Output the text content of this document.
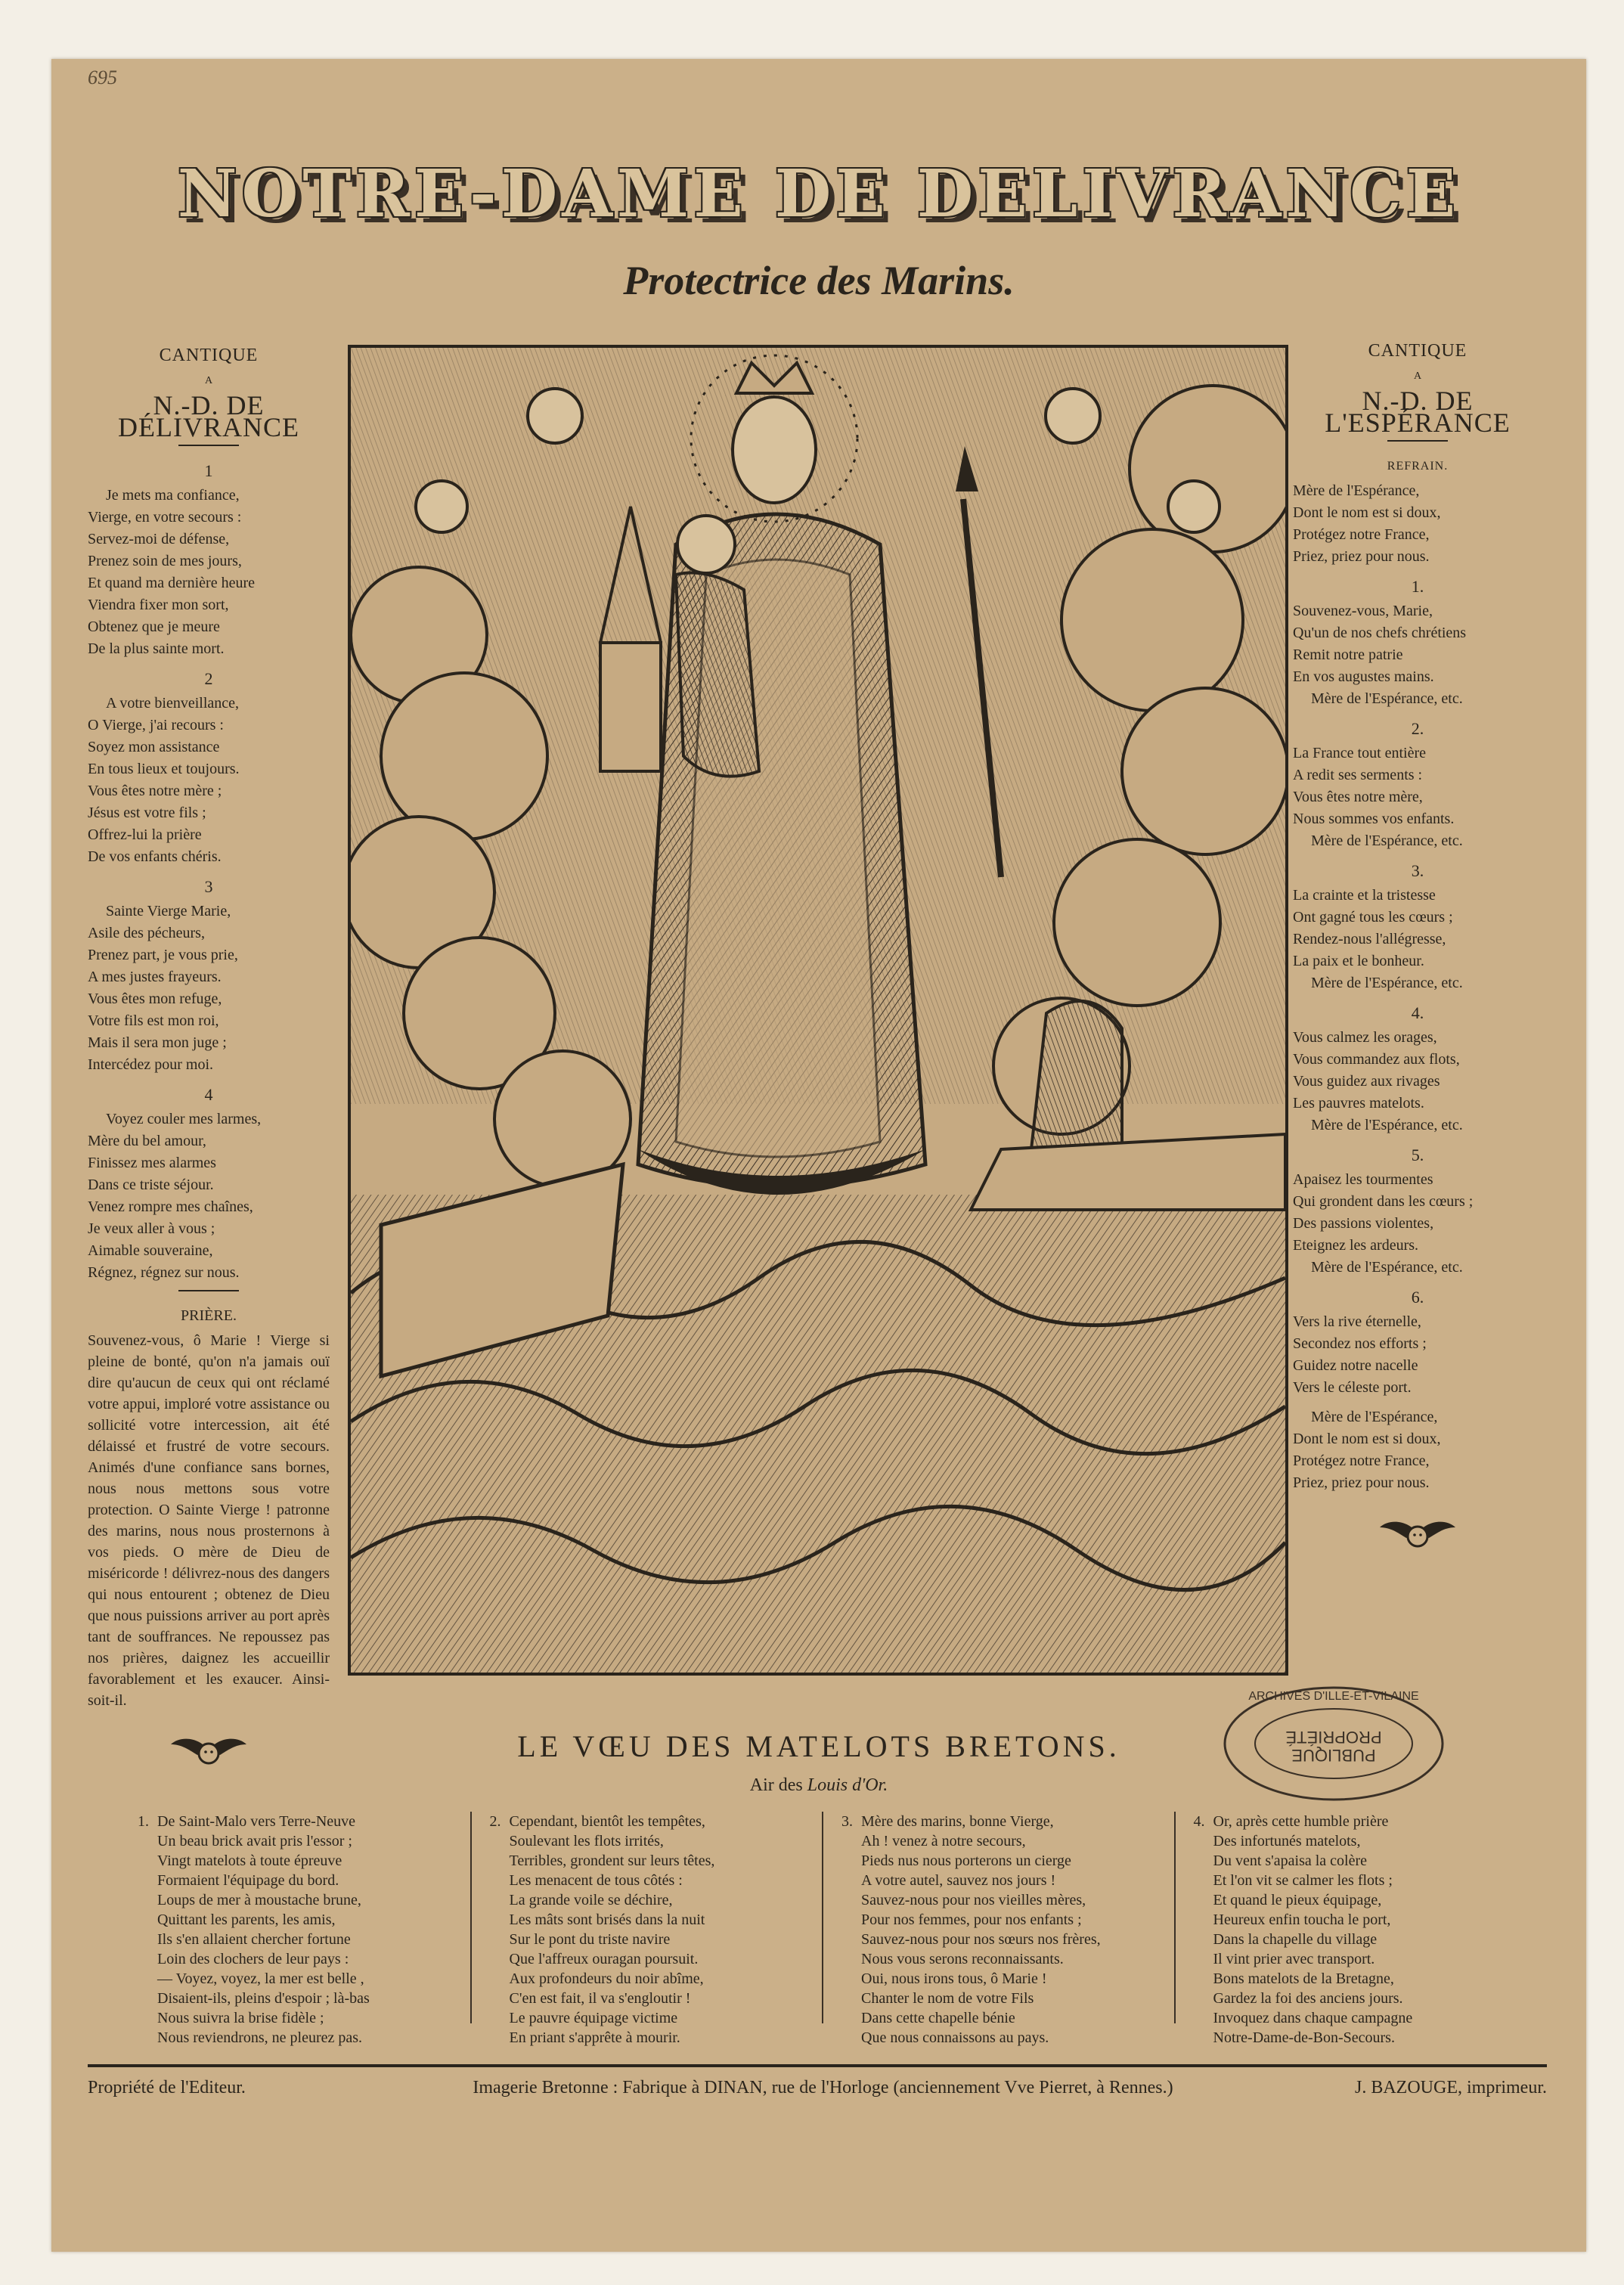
695
NOTRE-DAME DE DELIVRANCE
Protectrice des Marins.
CANTIQUE
A
N.-D. DE DÉLIVRANCE
1

Je mets ma confiance,

Vierge, en votre secours :

Servez-moi de défense,

Prenez soin de mes jours,

Et quand ma dernière heure

Viendra fixer mon sort,

Obtenez que je meure

De la plus sainte mort.

2

A votre bienveillance,

O Vierge, j'ai recours :

Soyez mon assistance

En tous lieux et toujours.

Vous êtes notre mère ;

Jésus est votre fils ;

Offrez-lui la prière

De vos enfants chéris.

3

Sainte Vierge Marie,

Asile des pécheurs,

Prenez part, je vous prie,

A mes justes frayeurs.

Vous êtes mon refuge,

Votre fils est mon roi,

Mais il sera mon juge ;

Intercédez pour moi.

4

Voyez couler mes larmes,

Mère du bel amour,

Finissez mes alarmes

Dans ce triste séjour.

Venez rompre mes chaînes,

Je veux aller à vous ;

Aimable souveraine,

Régnez, régnez sur nous.

PRIÈRE.
Souvenez-vous, ô Marie ! Vierge si pleine de bonté, qu'on n'a jamais ouï dire qu'aucun de ceux qui ont réclamé votre appui, imploré votre assistance ou sollicité votre intercession, ait été délaissé et frustré de votre secours. Animés d'une confiance sans bornes, nous nous mettons sous votre protection. O Sainte Vierge ! patronne des marins, nous nous prosternons à vos pieds. O mère de Dieu de miséricorde ! délivrez-nous des dangers qui nous entourent ; obtenez de Dieu que nous puissions arriver au port après tant de souffrances. Ne repoussez pas nos prières, daignez les accueillir favorablement et les exaucer. Ainsi-soit-il.
CANTIQUE
A
N.-D. DE L'ESPÉRANCE
REFRAIN.

Mère de l'Espérance,

Dont le nom est si doux,

Protégez notre France,

Priez, priez pour nous.

1.

Souvenez-vous, Marie,

Qu'un de nos chefs chrétiens

Remit notre patrie

En vos augustes mains.

Mère de l'Espérance, etc.

2.

La France tout entière

A redit ses serments :

Vous êtes notre mère,

Nous sommes vos enfants.

Mère de l'Espérance, etc.

3.

La crainte et la tristesse

Ont gagné tous les cœurs ;

Rendez-nous l'allégresse,

La paix et le bonheur.

Mère de l'Espérance, etc.

4.

Vous calmez les orages,

Vous commandez aux flots,

Vous guidez aux rivages

Les pauvres matelots.

Mère de l'Espérance, etc.

5.

Apaisez les tourmentes

Qui grondent dans les cœurs ;

Des passions violentes,

Eteignez les ardeurs.

Mère de l'Espérance, etc.

6.

Vers la rive éternelle,

Secondez nos efforts ;

Guidez notre nacelle

Vers le céleste port.

Mère de l'Espérance,

Dont le nom est si doux,

Protégez notre France,

Priez, priez pour nous.

ARCHIVES D'ILLE-ET-VILAINE
PROPRIÉTÉ
PUBLIQUE
LE VŒU DES MATELOTS BRETONS.
Air des Louis d'Or.
1. De Saint-Malo vers Terre-Neuve
Un beau brick avait pris l'essor ;
Vingt matelots à toute épreuve
Formaient l'équipage du bord.
Loups de mer à moustache brune,
Quittant les parents, les amis,
Ils s'en allaient chercher fortune
Loin des clochers de leur pays :
— Voyez, voyez, la mer est belle ,
Disaient-ils, pleins d'espoir ; là-bas
Nous suivra la brise fidèle ;
Nous reviendrons, ne pleurez pas.
2. Cependant, bientôt les tempêtes,
Soulevant les flots irrités,
Terribles, grondent sur leurs têtes,
Les menacent de tous côtés :
La grande voile se déchire,
Les mâts sont brisés dans la nuit
Sur le pont du triste navire
Que l'affreux ouragan poursuit.
Aux profondeurs du noir abîme,
C'en est fait, il va s'engloutir !
Le pauvre équipage victime
En priant s'apprête à mourir.
3. Mère des marins, bonne Vierge,
Ah ! venez à notre secours,
Pieds nus nous porterons un cierge
A votre autel, sauvez nos jours !
Sauvez-nous pour nos vieilles mères,
Pour nos femmes, pour nos enfants ;
Sauvez-nous pour nos sœurs nos frères,
Nous vous serons reconnaissants.
Oui, nous irons tous, ô Marie !
Chanter le nom de votre Fils
Dans cette chapelle bénie
Que nous connaissons au pays.
4. Or, après cette humble prière
Des infortunés matelots,
Du vent s'apaisa la colère
Et l'on vit se calmer les flots ;
Et quand le pieux équipage,
Heureux enfin toucha le port,
Dans la chapelle du village
Il vint prier avec transport.
Bons matelots de la Bretagne,
Gardez la foi des anciens jours.
Invoquez dans chaque campagne
Notre-Dame-de-Bon-Secours.
Propriété de l'Editeur.	Imagerie Bretonne : Fabrique à DINAN, rue de l'Horloge (anciennement Vve Pierret, à Rennes.)	J. BAZOUGE, imprimeur.
